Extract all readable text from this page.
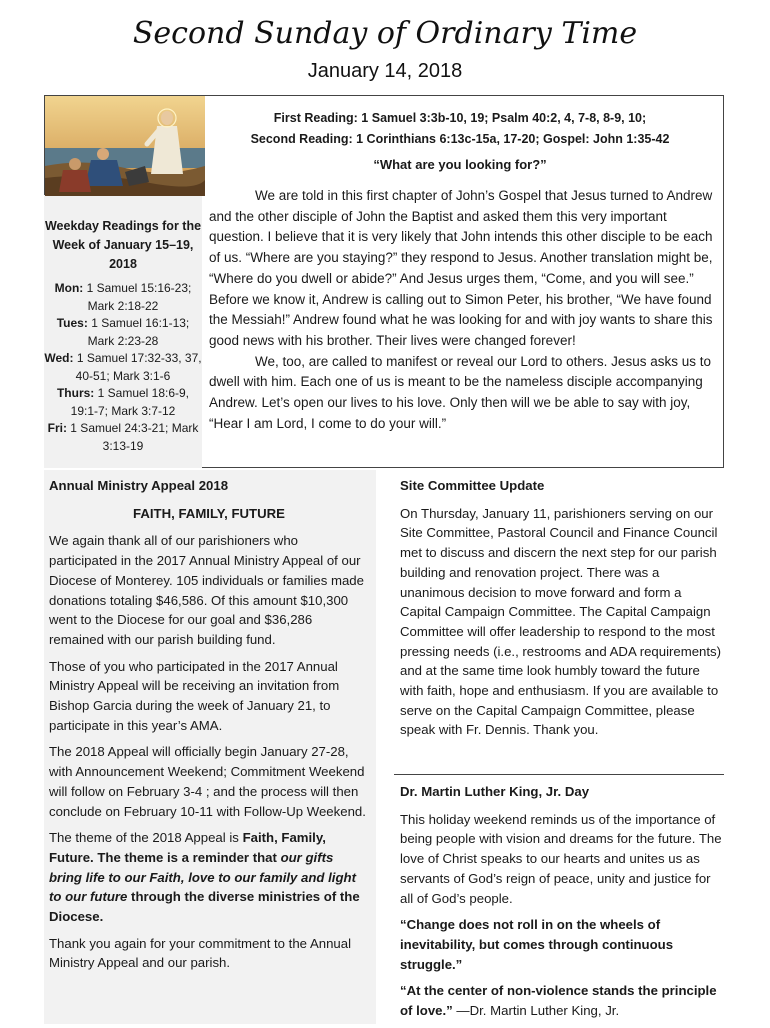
Second Sunday of Ordinary Time
January 14, 2018
Weekday Readings for the Week of January 15–19, 2018
Mon: 1 Samuel 15:16-23; Mark 2:18-22
Tues: 1 Samuel 16:1-13; Mark 2:23-28
Wed: 1 Samuel 17:32-33, 37, 40-51; Mark 3:1-6
Thurs: 1 Samuel 18:6-9, 19:1-7; Mark 3:7-12
Fri: 1 Samuel 24:3-21; Mark 3:13-19
First Reading: 1 Samuel 3:3b-10, 19; Psalm 40:2, 4, 7-8, 8-9, 10;
Second Reading: 1 Corinthians 6:13c-15a, 17-20; Gospel: John 1:35-42
“What are you looking for?”

We are told in this first chapter of John’s Gospel that Jesus turned to Andrew and the other disciple of John the Baptist and asked them this very important question. I believe that it is very likely that John intends this other disciple to be each of us. “Where are you staying?” they respond to Jesus. Another translation might be, “Where do you dwell or abide?” And Jesus urges them, “Come, and you will see.” Before we know it, Andrew is calling out to Simon Peter, his brother, “We have found the Messiah!” Andrew found what he was looking for and with joy wants to share this good news with his brother. Their lives were changed forever!

We, too, are called to manifest or reveal our Lord to others. Jesus asks us to dwell with him. Each one of us is meant to be the nameless disciple accompanying Andrew. Let’s open our lives to his love. Only then will we be able to say with joy, “Hear I am Lord, I come to do your will.”

Annual Ministry Appeal 2018
FAITH, FAMILY, FUTURE

We again thank all of our parishioners who participated in the 2017 Annual Ministry Appeal of our Diocese of Monterey. 105 individuals or families made donations totaling $46,586. Of this amount $10,300 went to the Diocese for our goal and $36,286 remained with our parish building fund.

Those of you who participated in the 2017 Annual Ministry Appeal will be receiving an invitation from Bishop Garcia during the week of January 21, to participate in this year’s AMA.

The 2018 Appeal will officially begin January 27-28, with Announcement Weekend; Commitment Weekend will follow on February 3-4 ; and the process will then conclude on February 10-11 with Follow-Up Weekend.

The theme of the 2018 Appeal is Faith, Family, Future. The theme is a reminder that our gifts bring life to our Faith, love to our family and light to our future through the diverse ministries of the Diocese.

Thank you again for your commitment to the Annual Ministry Appeal and our parish.

Site Committee Update

On Thursday, January 11, parishioners serving on our Site Committee, Pastoral Council and Finance Council met to discuss and discern the next step for our parish building and renovation project. There was a unanimous decision to move forward and form a Capital Campaign Committee. The Capital Campaign Committee will offer leadership to respond to the most pressing needs (i.e., restrooms and ADA requirements) and at the same time look humbly toward the future with faith, hope and enthusiasm. If you are available to serve on the Capital Campaign Committee, please speak with Fr. Dennis. Thank you.

Dr. Martin Luther King, Jr. Day

This holiday weekend reminds us of the importance of being people with vision and dreams for the future. The love of Christ speaks to our hearts and unites us as servants of God’s reign of peace, unity and justice for all of God’s people.

“Change does not roll in on the wheels of inevitability, but comes through continuous struggle.”

“At the center of non-violence stands the principle of love.” —Dr. Martin Luther King, Jr.
